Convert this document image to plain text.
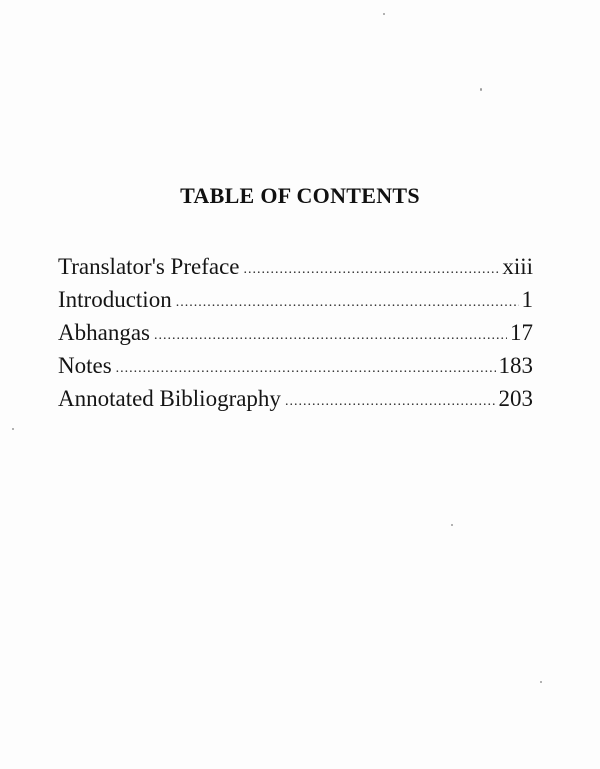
TABLE OF CONTENTS
Translator's Preface .....	xiii
Introduction .....	1
Abhangas .....	17
Notes .....	183
Annotated Bibliography .....	203
